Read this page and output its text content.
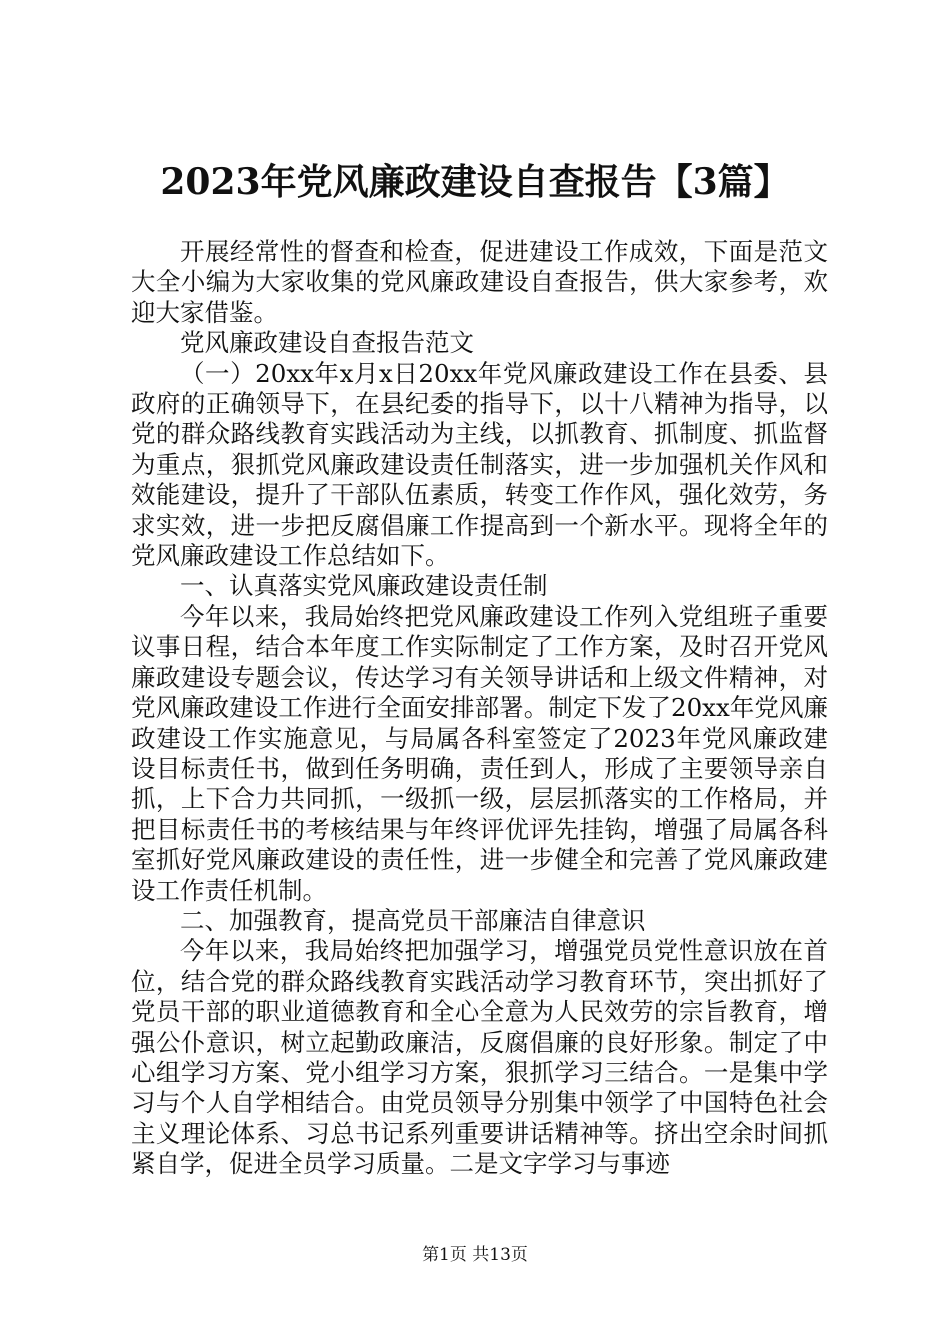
2023年党风廉政建设自查报告【3篇】

开展经常性的督查和检查，促进建设工作成效，下面是范文大全小编为大家收集的党风廉政建设自查报告，供大家参考，欢迎大家借鉴。

党风廉政建设自查报告范文

（一）20xx年x月x日20xx年党风廉政建设工作在县委、县政府的正确领导下，在县纪委的指导下，以十八精神为指导，以党的群众路线教育实践活动为主线，以抓教育、抓制度、抓监督为重点，狠抓党风廉政建设责任制落实，进一步加强机关作风和效能建设，提升了干部队伍素质，转变工作作风，强化效劳，务求实效，进一步把反腐倡廉工作提高到一个新水平。现将全年的党风廉政建设工作总结如下。

一、认真落实党风廉政建设责任制

今年以来，我局始终把党风廉政建设工作列入党组班子重要议事日程，结合本年度工作实际制定了工作方案，及时召开党风廉政建设专题会议，传达学习有关领导讲话和上级文件精神，对党风廉政建设工作进行全面安排部署。制定下发了20xx年党风廉政建设工作实施意见，与局属各科室签定了2023年党风廉政建设目标责任书，做到任务明确，责任到人，形成了主要领导亲自抓，上下合力共同抓，一级抓一级，层层抓落实的工作格局，并把目标责任书的考核结果与年终评优评先挂钩，增强了局属各科室抓好党风廉政建设的责任性，进一步健全和完善了党风廉政建设工作责任机制。

二、加强教育，提高党员干部廉洁自律意识

今年以来，我局始终把加强学习，增强党员党性意识放在首位，结合党的群众路线教育实践活动学习教育环节，突出抓好了党员干部的职业道德教育和全心全意为人民效劳的宗旨教育，增强公仆意识，树立起勤政廉洁，反腐倡廉的良好形象。制定了中心组学习方案、党小组学习方案，狠抓学习三结合。一是集中学习与个人自学相结合。由党员领导分别集中领学了中国特色社会主义理论体系、习总书记系列重要讲话精神等。挤出空余时间抓紧自学，促进全员学习质量。二是文字学习与事迹

第1页 共13页
